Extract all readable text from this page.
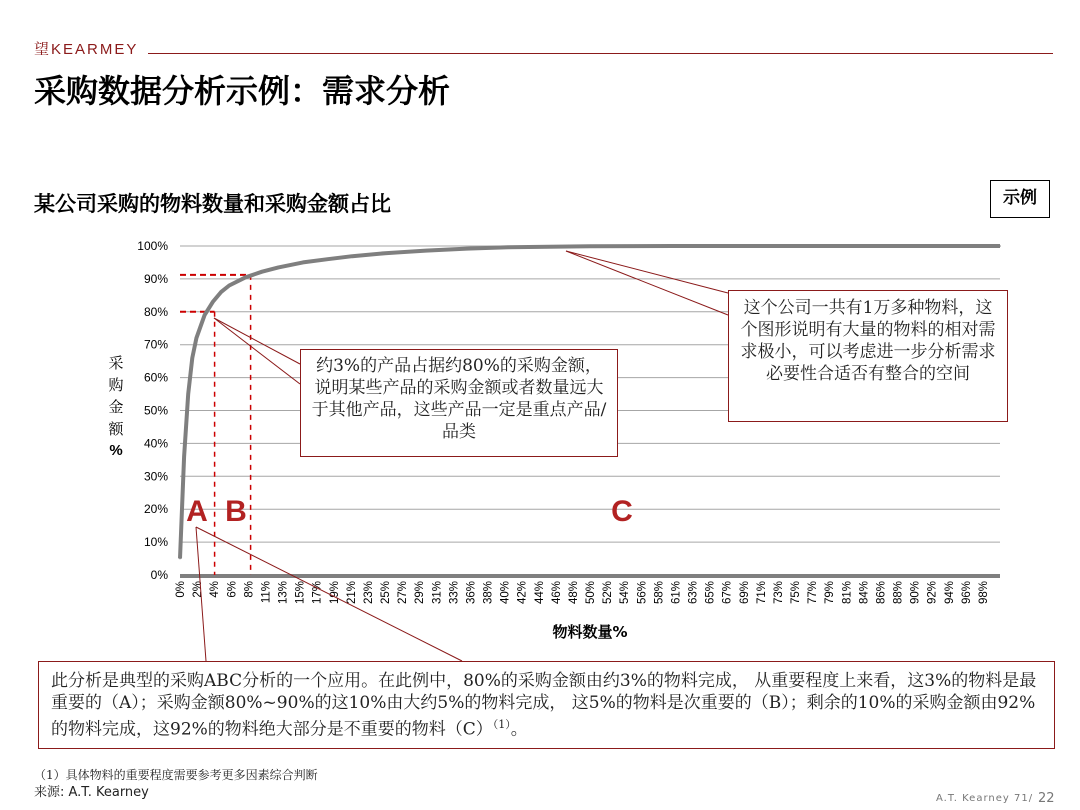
望KEARMEY
采购数据分析示例：需求分析
某公司采购的物料数量和采购金额占比	示例
采
购
金
额
%
0%
10%
20%
30%
40%
50%
60%
70%
80%
90%
100%
0% 2% 4% 6% 8% 11% 13% 15% 17% 19% 21% 23% 25% 27% 29% 31% 33% 36% 38% 40% 42% 44% 46% 48% 50% 52% 54% 56% 58% 61% 63% 65% 67% 69% 71% 73% 75% 77% 79% 81% 84% 86% 88% 90% 92% 94% 96% 98%
物料数量%
A B	C
约3%的产品占据约80%的采购金额，说明某些产品的采购金额或者数量远大于其他产品，这些产品一定是重点产品/品类
这个公司一共有1万多种物料，这个图形说明有大量的物料的相对需求极小，可以考虑进一步分析需求必要性合适否有整合的空间
此分析是典型的采购ABC分析的一个应用。在此例中，80%的采购金额由约3%的物料完成， 从重要程度上来看，这3%的物料是最重要的（A）；采购金额80%~90%的这10%由大约5%的物料完成， 这5%的物料是次重要的（B）；剩余的10%的采购金额由92%的物料完成，这92%的物料绝大部分是不重要的物料$(C)^{(1)}$。
（1）具体物料的重要程度需要参考更多因素综合判断
来源: A.T. Kearney	A.T. Kearney 71/ 22
